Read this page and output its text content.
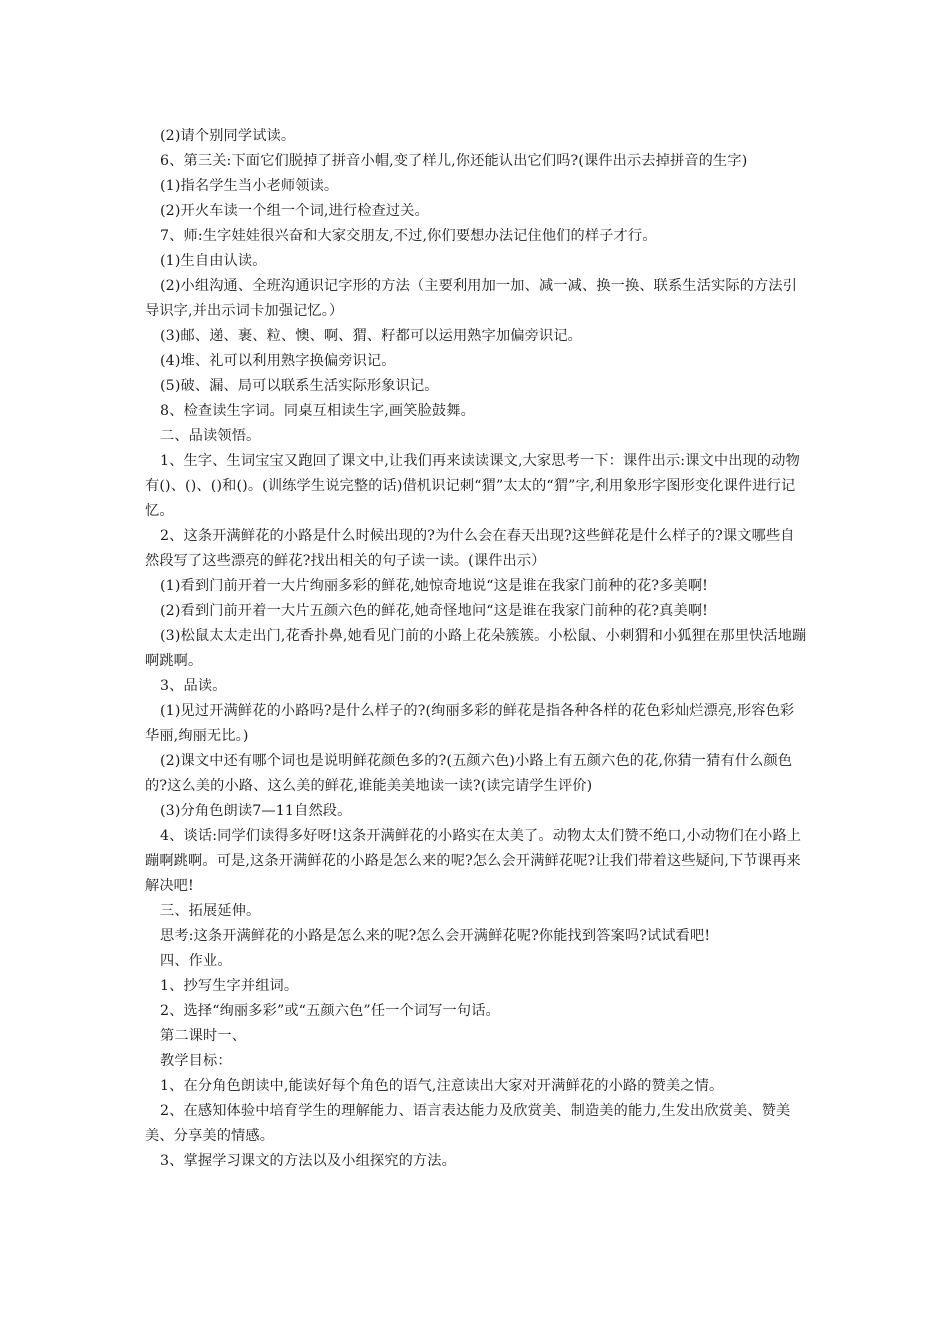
(2)请个别同学试读。

6、第三关:下面它们脱掉了拼音小帽,变了样儿,你还能认出它们吗?(课件出示去掉拼音的生字)

(1)指名学生当小老师领读。

(2)开火车读一个组一个词,进行检查过关。

7、师:生字娃娃很兴奋和大家交朋友,不过,你们要想办法记住他们的样子才行。

(1)生自由认读。

(2)小组沟通、全班沟通识记字形的方法（主要利用加一加、减一减、换一换、联系生活实际的方法引导识字,并出示词卡加强记忆。）

(3)邮、递、裹、粒、懊、啊、猬、籽都可以运用熟字加偏旁识记。

(4)堆、礼可以利用熟字换偏旁识记。

(5)破、漏、局可以联系生活实际形象识记。

8、检查读生字词。同桌互相读生字,画笑脸鼓舞。

二、品读领悟。

1、生字、生词宝宝又跑回了课文中,让我们再来读读课文,大家思考一下：课件出示:课文中出现的动物有()、()、()和()。(训练学生说完整的话)借机识记刺“猬”太太的“猬”字,利用象形字图形变化课件进行记忆。

2、这条开满鲜花的小路是什么时候出现的?为什么会在春天出现?这些鲜花是什么样子的?课文哪些自然段写了这些漂亮的鲜花?找出相关的句子读一读。(课件出示）

(1)看到门前开着一大片绚丽多彩的鲜花,她惊奇地说“这是谁在我家门前种的花?多美啊!

(2)看到门前开着一大片五颜六色的鲜花,她奇怪地问“这是谁在我家门前种的花?真美啊!

(3)松鼠太太走出门,花香扑鼻,她看见门前的小路上花朵簇簇。小松鼠、小刺猬和小狐狸在那里快活地蹦啊跳啊。

3、品读。

(1)见过开满鲜花的小路吗?是什么样子的?(绚丽多彩的鲜花是指各种各样的花色彩灿烂漂亮,形容色彩华丽,绚丽无比。)

(2)课文中还有哪个词也是说明鲜花颜色多的?(五颜六色)小路上有五颜六色的花,你猜一猜有什么颜色的?这么美的小路、这么美的鲜花,谁能美美地读一读?(读完请学生评价)

(3)分角色朗读7—11自然段。

4、谈话:同学们读得多好呀!这条开满鲜花的小路实在太美了。动物太太们赞不绝口,小动物们在小路上蹦啊跳啊。可是,这条开满鲜花的小路是怎么来的呢?怎么会开满鲜花呢?让我们带着这些疑问,下节课再来解决吧!

三、拓展延伸。

思考:这条开满鲜花的小路是怎么来的呢?怎么会开满鲜花呢?你能找到答案吗?试试看吧!

四、作业。

1、抄写生字并组词。

2、选择“绚丽多彩”或“五颜六色”任一个词写一句话。

第二课时一、

教学目标：

1、在分角色朗读中,能读好每个角色的语气,注意读出大家对开满鲜花的小路的赞美之情。

2、在感知体验中培育学生的理解能力、语言表达能力及欣赏美、制造美的能力,生发出欣赏美、赞美美、分享美的情感。

3、掌握学习课文的方法以及小组探究的方法。
